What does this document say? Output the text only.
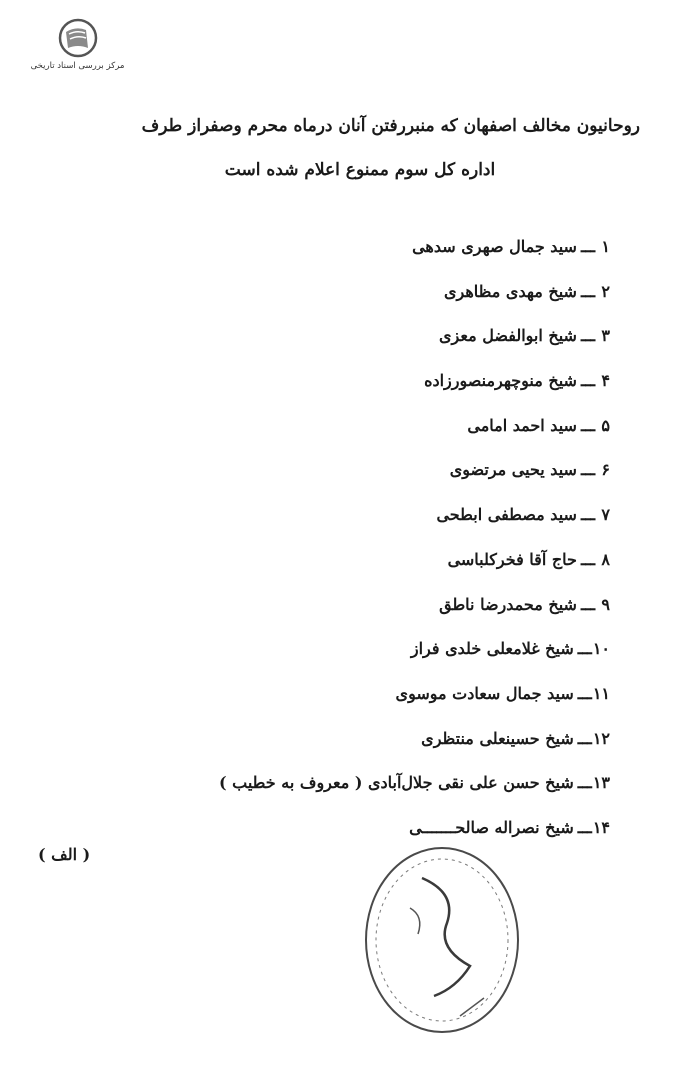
مرکز بررسی اسناد تاریخی
روحانیون مخالف اصفهان که منبررفتن آنان درماه محرم وصفراز طرف
اداره کل سوم ممنوع اعلام شده است
۱ـــسید جمال صهری سدهی
۲ـــشیخ مهدی مظاهری
۳ـــشیخ ابوالفضل معزی
۴ـــشیخ منوچهرمنصورزاده
۵ـــسید احمد امامی
۶ـــسید یحیی مرتضوی
۷ـــسید مصطفی ابطحی
۸ـــحاج آقا فخرکلباسی
۹ـــشیخ محمدرضا ناطق
۱۰ـــشیخ غلامعلی خلدی فراز
۱۱ـــسید جمال سعادت موسوی
۱۲ـــشیخ حسینعلی منتظری
۱۳ـــشیخ حسن علی نقی جلال‌آبادی ( معروف به خطیب )
۱۴ـــشیخ نصراله صالحـــــــی
( الف )
